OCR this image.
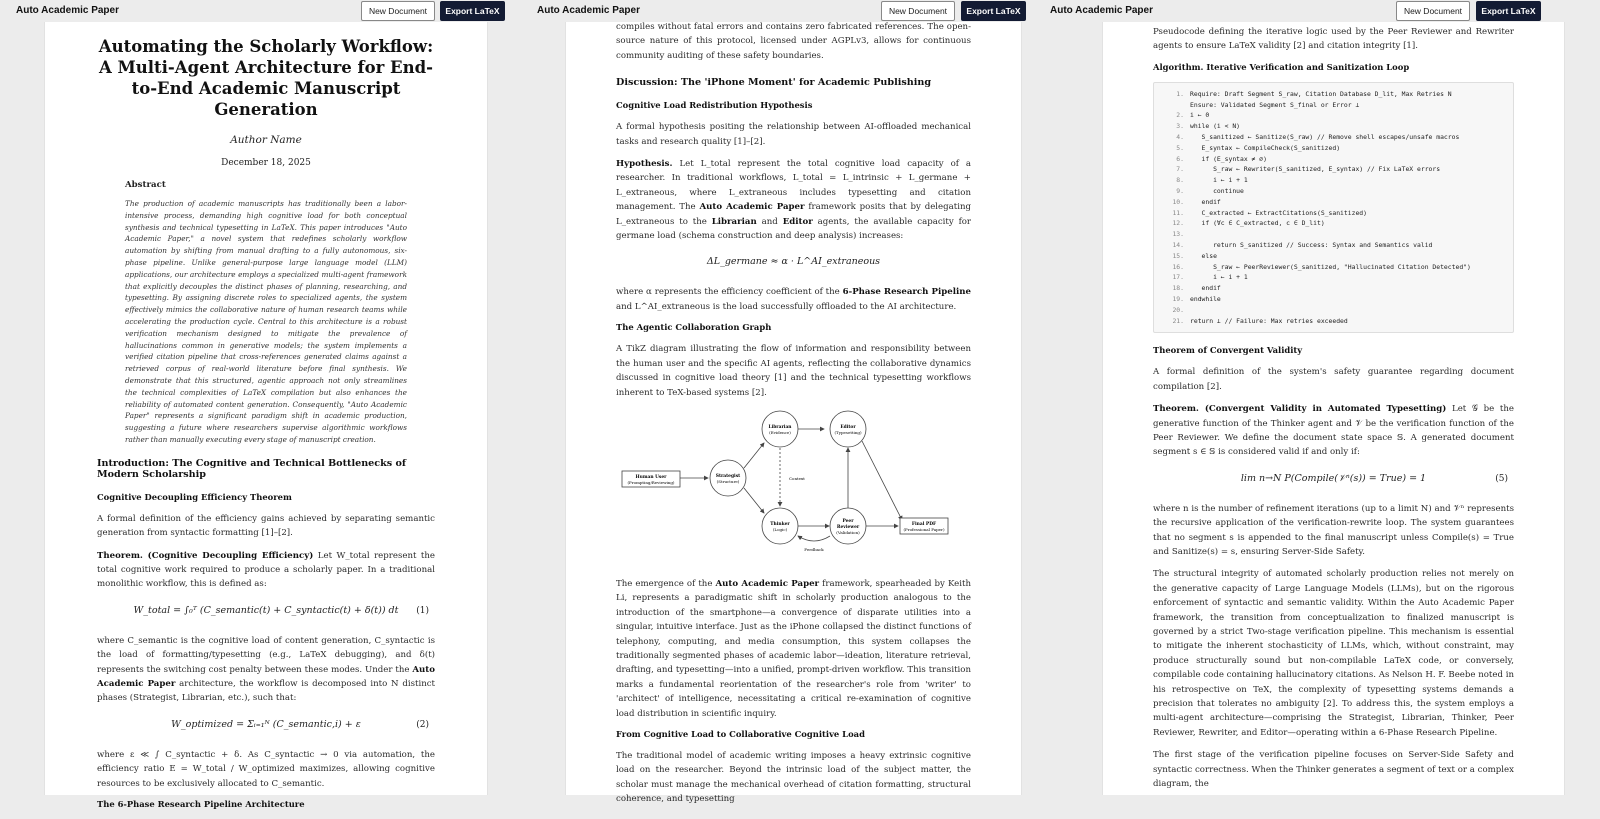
Auto Academic Paper	New Document	Export LaTeX
Automating the Scholarly Workflow: A Multi-Agent Architecture for End-to-End Academic Manuscript Generation
Author Name
December 18, 2025
Abstract
The production of academic manuscripts has traditionally been a labor-intensive process, demanding high cognitive load for both conceptual synthesis and technical typesetting in LaTeX. This paper introduces "Auto Academic Paper," a novel system that redefines scholarly workflow automation by shifting from manual drafting to a fully autonomous, six-phase pipeline. Unlike general-purpose large language model (LLM) applications, our architecture employs a specialized multi-agent framework that explicitly decouples the distinct phases of planning, researching, and typesetting. By assigning discrete roles to specialized agents, the system effectively mimics the collaborative nature of human research teams while accelerating the production cycle. Central to this architecture is a robust verification mechanism designed to mitigate the prevalence of hallucinations common in generative models; the system implements a verified citation pipeline that cross-references generated claims against a retrieved corpus of real-world literature before final synthesis. We demonstrate that this structured, agentic approach not only streamlines the technical complexities of LaTeX compilation but also enhances the reliability of automated content generation. Consequently, "Auto Academic Paper" represents a significant paradigm shift in academic production, suggesting a future where researchers supervise algorithmic workflows rather than manually executing every stage of manuscript creation.
Introduction: The Cognitive and Technical Bottlenecks of Modern Scholarship
Cognitive Decoupling Efficiency Theorem

A formal definition of the efficiency gains achieved by separating semantic generation from syntactic formatting [1]–[2].

Theorem. (Cognitive Decoupling Efficiency) Let W_total represent the total cognitive work required to produce a scholarly paper. In a traditional monolithic workflow, this is defined as:

W_total = ∫₀ᵀ (C_semantic(t) + C_syntactic(t) + δ(t)) dt (1)

where C_semantic is the cognitive load of content generation, C_syntactic is the load of formatting/typesetting (e.g., LaTeX debugging), and δ(t) represents the switching cost penalty between these modes. Under the Auto Academic Paper architecture, the workflow is decomposed into N distinct phases (Strategist, Librarian, etc.), such that:

W_optimized = Σᵢ₌₁ᴺ (C_semantic,i) + ε	(2)

where ε ≪ ∫ C_syntactic + δ. As C_syntactic → 0 via automation, the efficiency ratio E = W_total / W_optimized maximizes, allowing cognitive resources to be exclusively allocated to C_semantic.

The 6-Phase Research Pipeline Architecture
Auto Academic Paper	New Document	Export LaTeX

compiles without fatal errors and contains zero fabricated references. The open-source nature of this protocol, licensed under AGPLv3, allows for continuous community auditing of these safety boundaries.

Discussion: The 'iPhone Moment' for Academic Publishing
Cognitive Load Redistribution Hypothesis

A formal hypothesis positing the relationship between AI-offloaded mechanical tasks and research quality [1]–[2].

Hypothesis. Let L_total represent the total cognitive load capacity of a researcher. In traditional workflows, L_total = L_intrinsic + L_germane + L_extraneous, where L_extraneous includes typesetting and citation management. The Auto Academic Paper framework posits that by delegating L_extraneous to the Librarian and Editor agents, the available capacity for germane load (schema construction and deep analysis) increases:

ΔL_germane ≈ α · L^AI_extraneous

where α represents the efficiency coefficient of the 6-Phase Research Pipeline and L^AI_extraneous is the load successfully offloaded to the AI architecture.

The Agentic Collaboration Graph

A TikZ diagram illustrating the flow of information and responsibility between the human user and the specific AI agents, reflecting the collaborative dynamics discussed in cognitive load theory [1] and the technical typesetting workflows inherent to TeX-based systems [2].

Human User
(Prompting/Reviewing)
Strategist
(Structure)
Librarian
(Evidence)
Editor
(Typesetting)
Thinker
(Logic)
Peer
Reviewer
(Validation)
Final PDF
(Professional Paper)
Context
Feedback

The emergence of the Auto Academic Paper framework, spearheaded by Keith Li, represents a paradigmatic shift in scholarly production analogous to the introduction of the smartphone—a convergence of disparate utilities into a singular, intuitive interface. Just as the iPhone collapsed the distinct functions of telephony, computing, and media consumption, this system collapses the traditionally segmented phases of academic labor—ideation, literature retrieval, drafting, and typesetting—into a unified, prompt-driven workflow. This transition marks a fundamental reorientation of the researcher's role from 'writer' to 'architect' of intelligence, necessitating a critical re-examination of cognitive load distribution in scientific inquiry.

From Cognitive Load to Collaborative Cognitive Load

The traditional model of academic writing imposes a heavy extrinsic cognitive load on the researcher. Beyond the intrinsic load of the subject matter, the scholar must manage the mechanical overhead of citation formatting, structural coherence, and typesetting

Auto Academic Paper	New Document	Export LaTeX

Pseudocode defining the iterative logic used by the Peer Reviewer and Rewriter agents to ensure LaTeX validity [2] and citation integrity [1].

Algorithm. Iterative Verification and Sanitization Loop
1. Require: Draft Segment S_raw, Citation Database D_lit, Max Retries N
Ensure: Validated Segment S_final or Error ⊥
2. i ← 0
3. while (i < N)
4.   S_sanitized ← Sanitize(S_raw) // Remove shell escapes/unsafe macros
5.   E_syntax ← CompileCheck(S_sanitized)
6.   if (E_syntax ≠ ∅)
7.      S_raw ← Rewriter(S_sanitized, E_syntax) // Fix LaTeX errors
8.      i ← i + 1
9.      continue
10.   endif
11.   C_extracted ← ExtractCitations(S_sanitized)
12.   if (∀c ∈ C_extracted, c ∈ D_lit)
13.
14.      return S_sanitized // Success: Syntax and Semantics valid
15.   else
16.      S_raw ← PeerReviewer(S_sanitized, "Hallucinated Citation Detected")
17.      i ← i + 1
18.   endif
19. endwhile
20.
21. return ⊥ // Failure: Max retries exceeded
Theorem of Convergent Validity

A formal definition of the system's safety guarantee regarding document compilation [2].

Theorem. (Convergent Validity in Automated Typesetting) Let 𝒢 be the generative function of the Thinker agent and 𝒱 be the verification function of the Peer Reviewer. We define the document state space 𝕊. A generated document segment s ∈ 𝕊 is considered valid if and only if:

lim n→N P(Compile(𝒱ⁿ(s)) = True) = 1	(5)

where n is the number of refinement iterations (up to a limit N) and 𝒱ⁿ represents the recursive application of the verification-rewrite loop. The system guarantees that no segment s is appended to the final manuscript unless Compile(s) = True and Sanitize(s) = s, ensuring Server-Side Safety.

The structural integrity of automated scholarly production relies not merely on the generative capacity of Large Language Models (LLMs), but on the rigorous enforcement of syntactic and semantic validity. Within the Auto Academic Paper framework, the transition from conceptualization to finalized manuscript is governed by a strict Two-stage verification pipeline. This mechanism is essential to mitigate the inherent stochasticity of LLMs, which, without constraint, may produce structurally sound but non-compilable LaTeX code, or conversely, compilable code containing hallucinatory citations. As Nelson H. F. Beebe noted in his retrospective on TeX, the complexity of typesetting systems demands a precision that tolerates no ambiguity [2]. To address this, the system employs a multi-agent architecture—comprising the Strategist, Librarian, Thinker, Peer Reviewer, Rewriter, and Editor—operating within a 6-Phase Research Pipeline.

The first stage of the verification pipeline focuses on Server-Side Safety and syntactic correctness. When the Thinker generates a segment of text or a complex diagram, the
